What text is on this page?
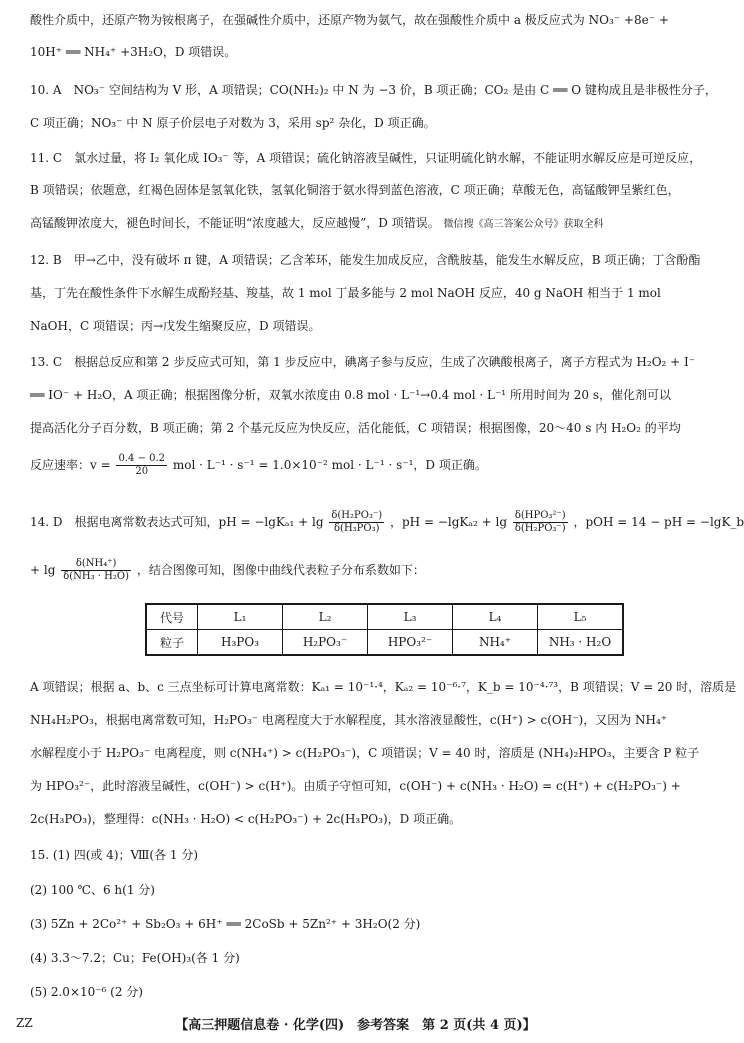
酸性介质中，还原产物为铵根离子，在强碱性介质中，还原产物为氨气，故在强酸性介质中 a 极反应式为 NO₃⁻ +8e⁻ +
10H⁺ ══ NH₄⁺ +3H₂O，D 项错误。
10. A　NO₃⁻ 空间结构为 V 形，A 项错误；CO(NH₂)₂ 中 N 为 −3 价，B 项正确；CO₂ 是由 C ══ O 键构成且是非极性分子，
C 项正确；NO₃⁻ 中 N 原子价层电子对数为 3，采用 sp² 杂化，D 项正确。
11. C　氯水过量，将 I₂ 氧化成 IO₃⁻ 等，A 项错误；硫化钠溶液呈碱性，只证明硫化钠水解，不能证明水解反应是可逆反应，
B 项错误；依题意，红褐色固体是氢氧化铁，氢氧化铜溶于氨水得到蓝色溶液，C 项正确；草酸无色，高锰酸钾呈紫红色，
高锰酸钾浓度大，褪色时间长，不能证明“浓度越大，反应越慢”，D 项错误。 微信搜《高三答案公众号》获取全科
12. B　甲→乙中，没有破坏 π 键，A 项错误；乙含苯环，能发生加成反应，含酰胺基，能发生水解反应，B 项正确；丁含酚酯
基，丁先在酸性条件下水解生成酚羟基、羧基，故 1 mol 丁最多能与 2 mol NaOH 反应，40 g NaOH 相当于 1 mol
NaOH，C 项错误；丙→戊发生缩聚反应，D 项错误。
13. C　根据总反应和第 2 步反应式可知，第 1 步反应中，碘离子参与反应，生成了次碘酸根离子，离子方程式为 H₂O₂ + I⁻
══ IO⁻ + H₂O，A 项正确；根据图像分析，双氧水浓度由 0.8 mol · L⁻¹→0.4 mol · L⁻¹ 所用时间为 20 s，催化剂可以
提高活化分子百分数，B 项正确；第 2 个基元反应为快反应，活化能低，C 项错误；根据图像，20～40 s 内 H₂O₂ 的平均
反应速率：$v = \frac{0.4 - 0.2}{20}$ mol · L⁻¹ · s⁻¹ = 1.0×10⁻² mol · L⁻¹ · s⁻¹，D 项正确。
14. D　根据电离常数表达式可知，pH = $-\lg K_{a1} + \lg \frac{\text{δ(H₂PO₃⁻)}}{\text{δ(H₃PO₃)}}$ ，pH = $-\lg K_{a2} + \lg \frac{\text{δ(HPO₃²⁻)}}{\text{δ(H₂PO₃⁻)}}$ ，pOH = 14 − pH = −lgK_b
+ $\lg \frac{\text{δ(NH₄⁺)}}{\text{δ(NH₃ · H₂O)}}$ ，结合图像可知，图像中曲线代表粒子分布系数如下：
代号	L₁	L₂	L₃	L₄	L₅
粒子	H₃PO₃	H₂PO₃⁻	HPO₃²⁻	NH₄⁺	NH₃ · H₂O
A 项错误；根据 a、b、c 三点坐标可计算电离常数：Kₐ₁ = 10⁻¹·⁴，Kₐ₂ = 10⁻⁶·⁷，K_b = 10⁻⁴·⁷³，B 项错误；V = 20 时，溶质是
NH₄H₂PO₃，根据电离常数可知，H₂PO₃⁻ 电离程度大于水解程度，其水溶液显酸性，c(H⁺) > c(OH⁻)，又因为 NH₄⁺
水解程度小于 H₂PO₃⁻ 电离程度，则 c(NH₄⁺) > c(H₂PO₃⁻)，C 项错误；V = 40 时，溶质是 (NH₄)₂HPO₃，主要含 P 粒子
为 HPO₃²⁻，此时溶液呈碱性，c(OH⁻) > c(H⁺)。由质子守恒可知，c(OH⁻) + c(NH₃ · H₂O) = c(H⁺) + c(H₂PO₃⁻) +
2c(H₃PO₃)，整理得：c(NH₃ · H₂O) < c(H₂PO₃⁻) + 2c(H₃PO₃)，D 项正确。
15. (1) 四(或 4)；Ⅷ(各 1 分)
(2) 100 ℃、6 h(1 分)
(3) 5Zn + 2Co²⁺ + Sb₂O₃ + 6H⁺ ══ 2CoSb + 5Zn²⁺ + 3H₂O(2 分)
(4) 3.3～7.2；Cu；Fe(OH)₃(各 1 分)
(5) 2.0×10⁻⁶ (2 分)
ZZ	【高三押题信息卷 · 化学(四)　参考答案　第 2 页(共 4 页)】
